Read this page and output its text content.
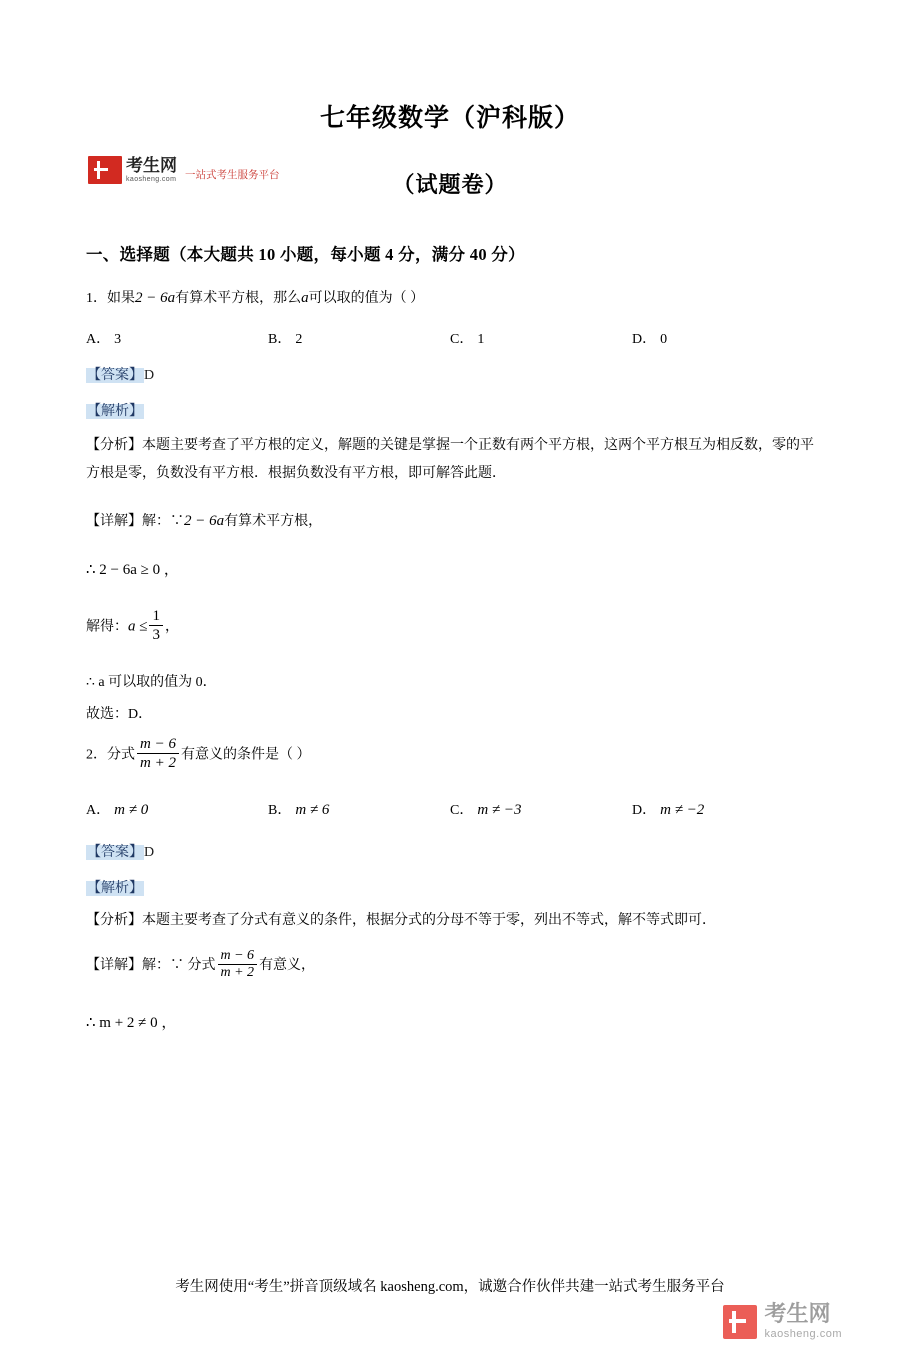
考生网
kaosheng.com 一站式考生服务平台
七年级数学（沪科版）
（试题卷）
一、选择题（本大题共 10 小题，每小题 4 分，满分 40 分）
1．如果2 − 6a有算术平方根，那么a可以取的值为（ ）
A． 3	B． 2	C． 1	D． 0
【答案】D
【解析】
【分析】本题主要考查了平方根的定义，解题的关键是掌握一个正数有两个平方根，这两个平方根互为相反数，零的平方根是零，负数没有平方根．根据负数没有平方根，即可解答此题．
【详解】解：∵2 − 6a有算术平方根，
∴ 2 − 6a ≥ 0 ，
解得：$a \le \frac{1}{3}$ ，
∴ a 可以取的值为 0．
故选：D．
2．分式 $\frac{m - 6}{m + 2}$ 有意义的条件是（ ）
A． m ≠ 0	B． m ≠ 6	C． m ≠ −3	D． m ≠ −2
【答案】D
【解析】
【分析】本题主要考查了分式有意义的条件，根据分式的分母不等于零，列出不等式，解不等式即可．
【详解】解：∵ 分式 $\frac{m - 6}{m + 2}$ 有意义，
∴ m + 2 ≠ 0 ，
考生网使用“考生”拼音顶级域名 kaosheng.com，诚邀合作伙伴共建一站式考生服务平台
考生网
kaosheng.com
